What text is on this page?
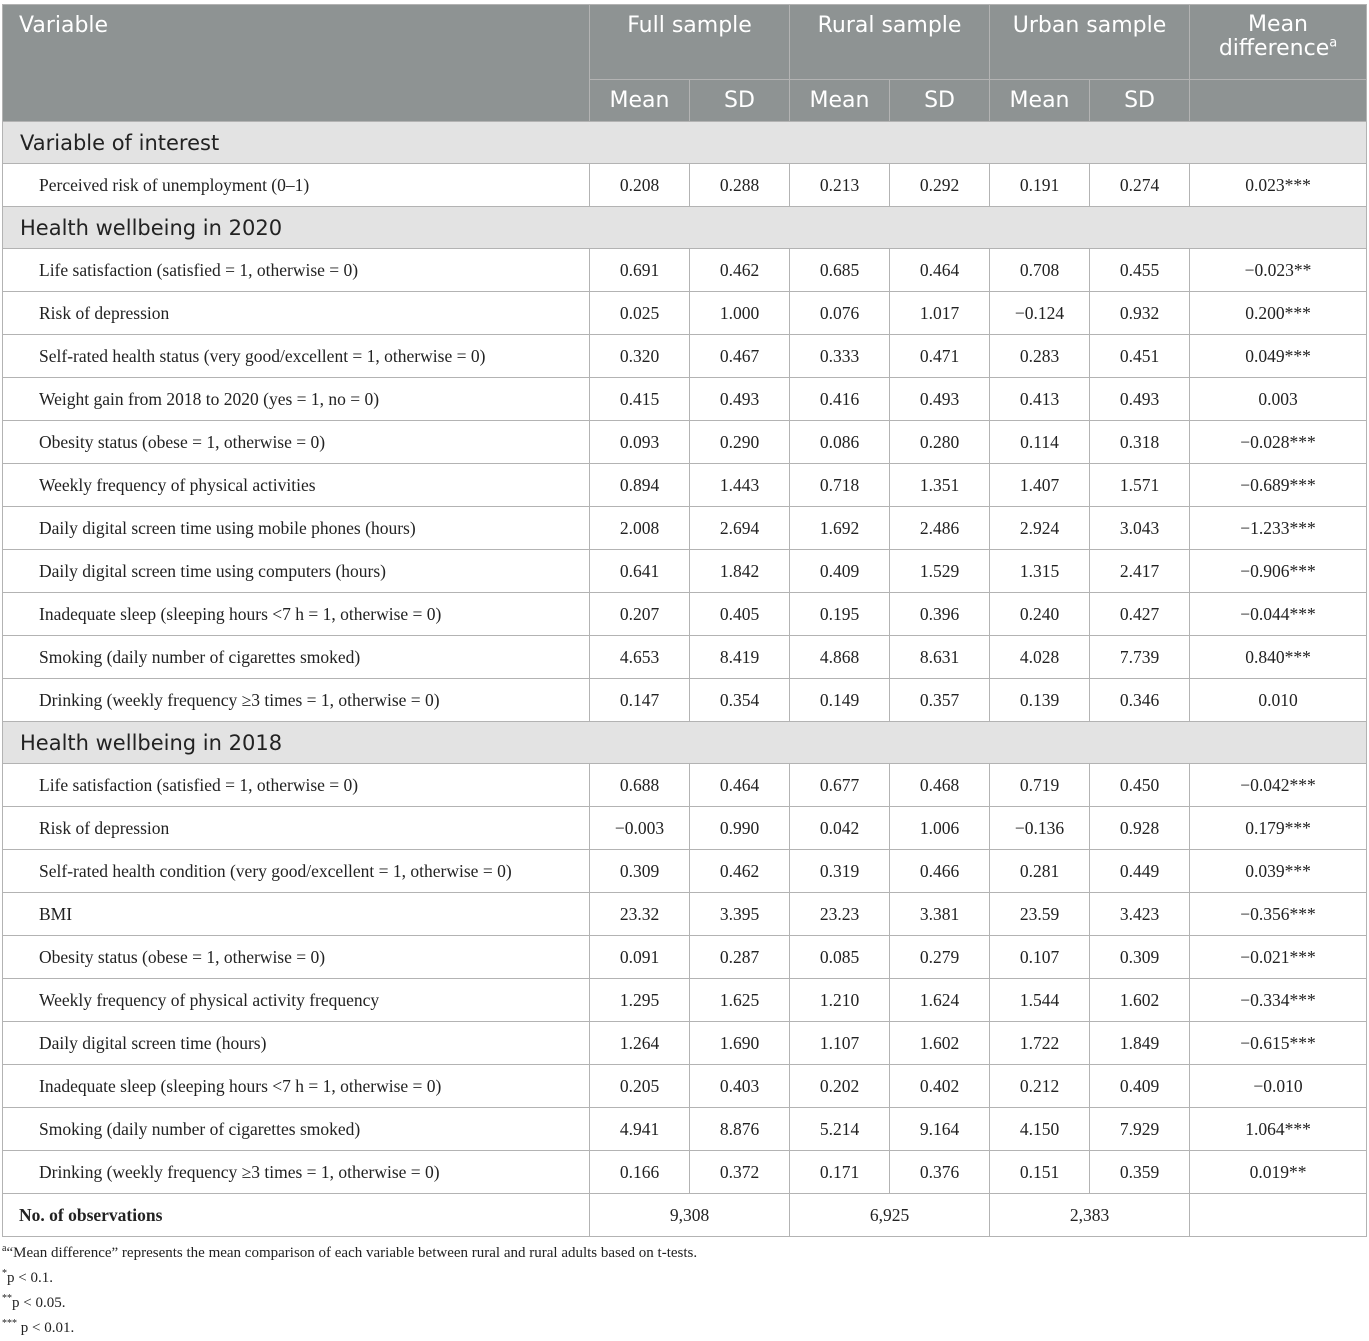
Variable	Full sample		Rural sample		Urban sample		Mean
difference$^a$
	Mean	SD	Mean	SD	Mean	SD	
Variable of interest							
Perceived risk of unemployment (0–1)	0.208	0.288	0.213	0.292	0.191	0.274	0.023***
Health wellbeing in 2020							
Life satisfaction (satisfied = 1, otherwise = 0)	0.691	0.462	0.685	0.464	0.708	0.455	−0.023**
Risk of depression	0.025	1.000	0.076	1.017	−0.124	0.932	0.200***
Self-rated health status (very good/excellent = 1, otherwise = 0)	0.320	0.467	0.333	0.471	0.283	0.451	0.049***
Weight gain from 2018 to 2020 (yes = 1, no = 0)	0.415	0.493	0.416	0.493	0.413	0.493	0.003
Obesity status (obese = 1, otherwise = 0)	0.093	0.290	0.086	0.280	0.114	0.318	−0.028***
Weekly frequency of physical activities	0.894	1.443	0.718	1.351	1.407	1.571	−0.689***
Daily digital screen time using mobile phones (hours)	2.008	2.694	1.692	2.486	2.924	3.043	−1.233***
Daily digital screen time using computers (hours)	0.641	1.842	0.409	1.529	1.315	2.417	−0.906***
Inadequate sleep (sleeping hours <7 h = 1, otherwise = 0)	0.207	0.405	0.195	0.396	0.240	0.427	−0.044***
Smoking (daily number of cigarettes smoked)	4.653	8.419	4.868	8.631	4.028	7.739	0.840***
Drinking (weekly frequency ≥3 times = 1, otherwise = 0)	0.147	0.354	0.149	0.357	0.139	0.346	0.010
Health wellbeing in 2018							
Life satisfaction (satisfied = 1, otherwise = 0)	0.688	0.464	0.677	0.468	0.719	0.450	−0.042***
Risk of depression	−0.003	0.990	0.042	1.006	−0.136	0.928	0.179***
Self-rated health condition (very good/excellent = 1, otherwise = 0)	0.309	0.462	0.319	0.466	0.281	0.449	0.039***
BMI	23.32	3.395	23.23	3.381	23.59	3.423	−0.356***
Obesity status (obese = 1, otherwise = 0)	0.091	0.287	0.085	0.279	0.107	0.309	−0.021***
Weekly frequency of physical activity frequency	1.295	1.625	1.210	1.624	1.544	1.602	−0.334***
Daily digital screen time (hours)	1.264	1.690	1.107	1.602	1.722	1.849	−0.615***
Inadequate sleep (sleeping hours <7 h = 1, otherwise = 0)	0.205	0.403	0.202	0.402	0.212	0.409	−0.010
Smoking (daily number of cigarettes smoked)	4.941	8.876	5.214	9.164	4.150	7.929	1.064***
Drinking (weekly frequency ≥3 times = 1, otherwise = 0)	0.166	0.372	0.171	0.376	0.151	0.359	0.019**
No. of observations	9,308		6,925		2,383		
$^a$“Mean difference” represents the mean comparison of each variable between rural and rural adults based on t-tests.
*p < 0.1.
**p < 0.05.
*** p < 0.01.
